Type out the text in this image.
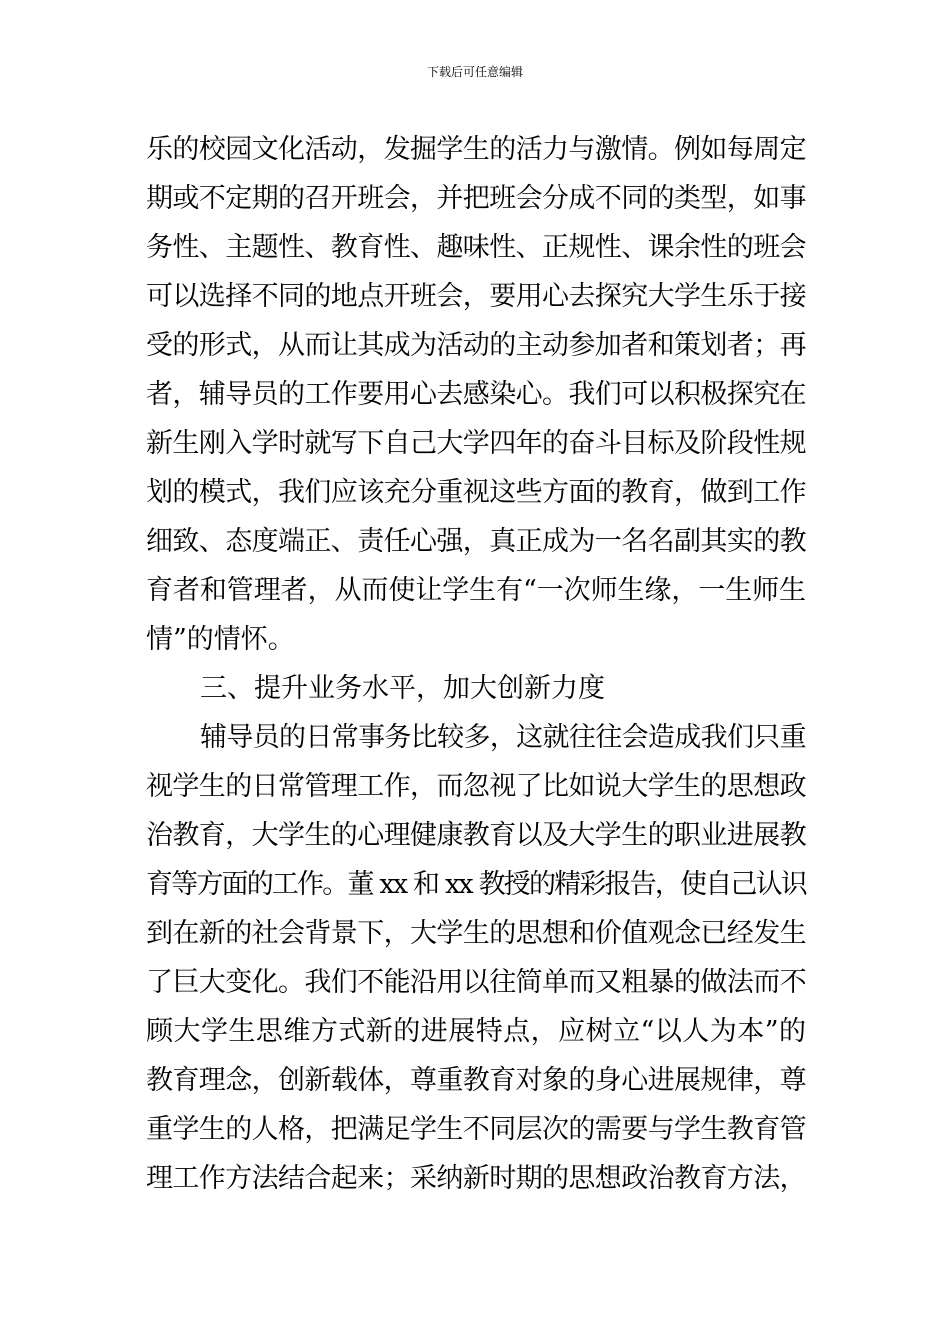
下载后可任意编辑
乐的校园文化活动，发掘学生的活力与激情。例如每周定
期或不定期的召开班会，并把班会分成不同的类型，如事
务性、主题性、教育性、趣味性、正规性、课余性的班会
可以选择不同的地点开班会，要用心去探究大学生乐于接
受的形式，从而让其成为活动的主动参加者和策划者；再
者，辅导员的工作要用心去感染心。我们可以积极探究在
新生刚入学时就写下自己大学四年的奋斗目标及阶段性规
划的模式，我们应该充分重视这些方面的教育，做到工作
细致、态度端正、责任心强，真正成为一名名副其实的教
育者和管理者，从而使让学生有“一次师生缘，一生师生
情”的情怀。
三、提升业务水平，加大创新力度
辅导员的日常事务比较多，这就往往会造成我们只重
视学生的日常管理工作，而忽视了比如说大学生的思想政
治教育，大学生的心理健康教育以及大学生的职业进展教
育等方面的工作。董 xx 和 xx 教授的精彩报告，使自己认识
到在新的社会背景下，大学生的思想和价值观念已经发生
了巨大变化。我们不能沿用以往简单而又粗暴的做法而不
顾大学生思维方式新的进展特点，应树立“以人为本”的
教育理念，创新载体，尊重教育对象的身心进展规律，尊
重学生的人格，把满足学生不同层次的需要与学生教育管
理工作方法结合起来；采纳新时期的思想政治教育方法，
